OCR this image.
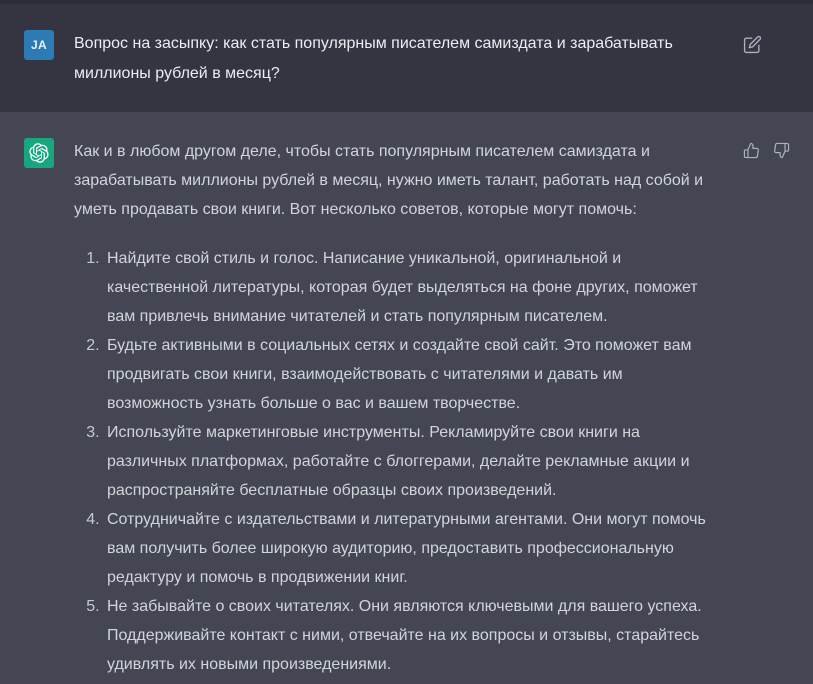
JA Вопрос на засыпку: как стать популярным писателем самиздата и зарабатывать миллионы рублей в месяц?

Как и в любом другом деле, чтобы стать популярным писателем самиздата и зарабатывать миллионы рублей в месяц, нужно иметь талант, работать над собой и уметь продавать свои книги. Вот несколько советов, которые могут помочь:

1. Найдите свой стиль и голос. Написание уникальной, оригинальной и качественной литературы, которая будет выделяться на фоне других, поможет вам привлечь внимание читателей и стать популярным писателем.
2. Будьте активными в социальных сетях и создайте свой сайт. Это поможет вам продвигать свои книги, взаимодействовать с читателями и давать им возможность узнать больше о вас и вашем творчестве.
3. Используйте маркетинговые инструменты. Рекламируйте свои книги на различных платформах, работайте с блоггерами, делайте рекламные акции и распространяйте бесплатные образцы своих произведений.
4. Сотрудничайте с издательствами и литературными агентами. Они могут помочь вам получить более широкую аудиторию, предоставить профессиональную редактуру и помочь в продвижении книг.
5. Не забывайте о своих читателях. Они являются ключевыми для вашего успеха. Поддерживайте контакт с ними, отвечайте на их вопросы и отзывы, старайтесь удивлять их новыми произведениями.
